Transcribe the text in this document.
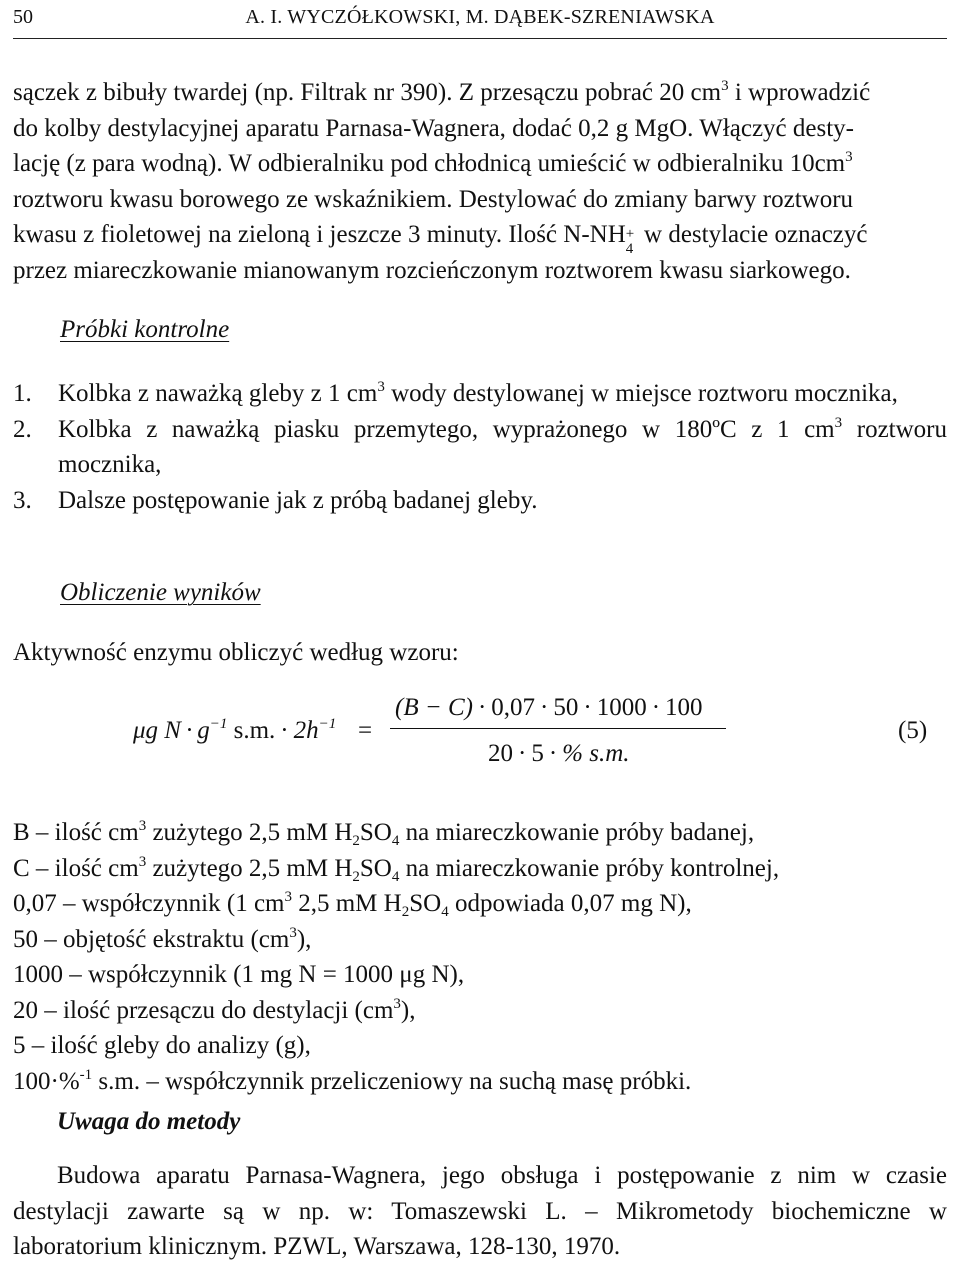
50	A. I. WYCZÓŁKOWSKI, M. DĄBEK-SZRENIAWSKA
sączek z bibuły twardej (np. Filtrak nr 390). Z przesączu pobrać 20 $cm^3$ i wprowadzić
do kolby destylacyjnej aparatu Parnasa-Wagnera, dodać 0,2 g MgO. Włączyć desty-
lację (z para wodną). W odbieralniku pod chłodnicą umieścić w odbieralniku $10cm^3$
roztworu kwasu borowego ze wskaźnikiem. Destylować do zmiany barwy roztworu
kwasu z fioletowej na zieloną i jeszcze 3 minuty. Ilość N-NH +
4
w destylacie oznaczyć
przez miareczkowanie mianowanym rozcieńczonym roztworem kwasu siarkowego.
Próbki kontrolne
1. Kolbka z naważką gleby z 1 $cm^3$ wody destylowanej w miejsce roztworu mocznika,
2. Kolbka z naważką piasku przemytego, wyprażonego w 180ºC z 1 $cm^3$ roztworu mocznika,
3. Dalsze postępowanie jak z próbą badanej gleby.
Obliczenie wyników
Aktywność enzymu obliczyć według wzoru:
μg $N \cdot g^{-1}$ s.m. · $2h^{-1}$ =
(B − C) · 0,07 · 50 · 1000 · 100
20 · 5 · % s.m.
(5)
B – ilość $cm^3$ zużytego 2,5 mM $H_2SO_4$ na miareczkowanie próby badanej,
C – ilość $cm^3$ zużytego 2,5 mM $H_2SO_4$ na miareczkowanie próby kontrolnej,
0,07 – współczynnik (1 $cm^3$ 2,5 mM $H_2SO_4$ odpowiada 0,07 mg N),
50 – objętość ekstraktu $(cm^3)$,
1000 – współczynnik (1 mg N = 1000 μg N),
20 – ilość przesączu do destylacji $(cm^3)$,
5 – ilość gleby do analizy (g),
100·%$^{-1}$ s.m. – współczynnik przeliczeniowy na suchą masę próbki.
Uwaga do metody
Budowa aparatu Parnasa-Wagnera, jego obsługa i postępowanie z nim w czasie destylacji zawarte są w np. w: Tomaszewski L. – Mikrometody biochemiczne w laboratorium klinicznym. PZWL, Warszawa, 128-130, 1970.
